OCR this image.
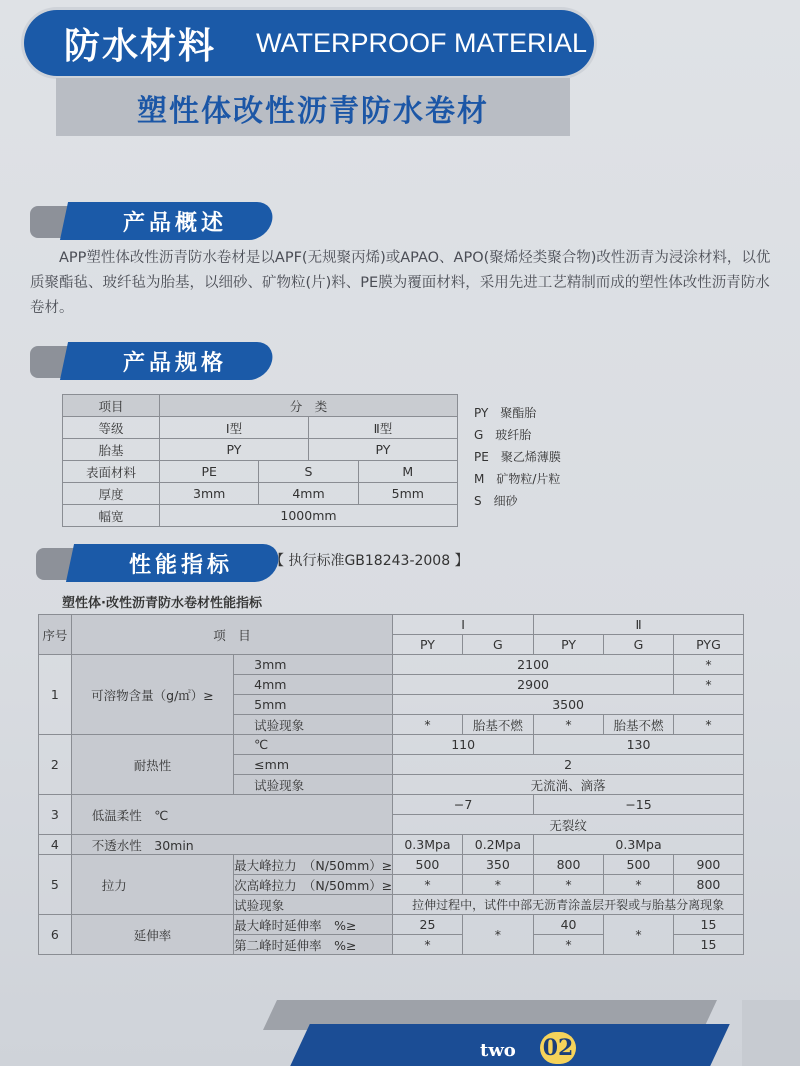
防水材料 WATERPROOF MATERIAL
塑性体改性沥青防水卷材
产品概述
APP塑性体改性沥青防水卷材是以APF(无规聚丙烯)或APAO、APO(聚烯烃类聚合物)改性沥青为浸涂材料，以优质聚酯毡、玻纤毡为胎基，以细砂、矿物粒(片)料、PE膜为覆面材料，采用先进工艺精制而成的塑性体改性沥青防水卷材。
产品规格
项目	分　类			
等级	Ⅰ型		Ⅱ型	
胎基	PY		PY	
表面材料	PE	S		M
厚度	3mm	4mm		5mm
幅宽	1000mm			
PY　聚酯胎
G　玻纤胎
PE　聚乙烯薄膜
M　矿物粒/片粒
S　细砂
性能指标	【 执行标准GB18243-2008 】
塑性体·改性沥青防水卷材性能指标
序号	项　目		Ⅰ		Ⅱ		
			PY	G	PY	G	PYG
1	可溶物含量（g/㎡）≥	3mm	2100				*
		4mm	2900				*
		5mm	3500				
		试验现象	*	胎基不燃	*	胎基不燃	*
2	耐热性	℃	110		130		
		≤mm	2				
		试验现象	无流淌、滴落				
3	低温柔性　℃		−7		−15		
			无裂纹				
4	不透水性　30min		0.3Mpa	0.2Mpa	0.3Mpa		
5	拉力	最大峰拉力　（N/50mm）≥	500	350	800	500	900
		次高峰拉力　（N/50mm）≥	*	*	*	*	800
		试验现象	拉伸过程中，试件中部无沥青涂盖层开裂或与胎基分离现象				
6	延伸率	最大峰时延伸率　%≥	25	*	40	*	15
		第二峰时延伸率　%≥	*		*		15
two 02
